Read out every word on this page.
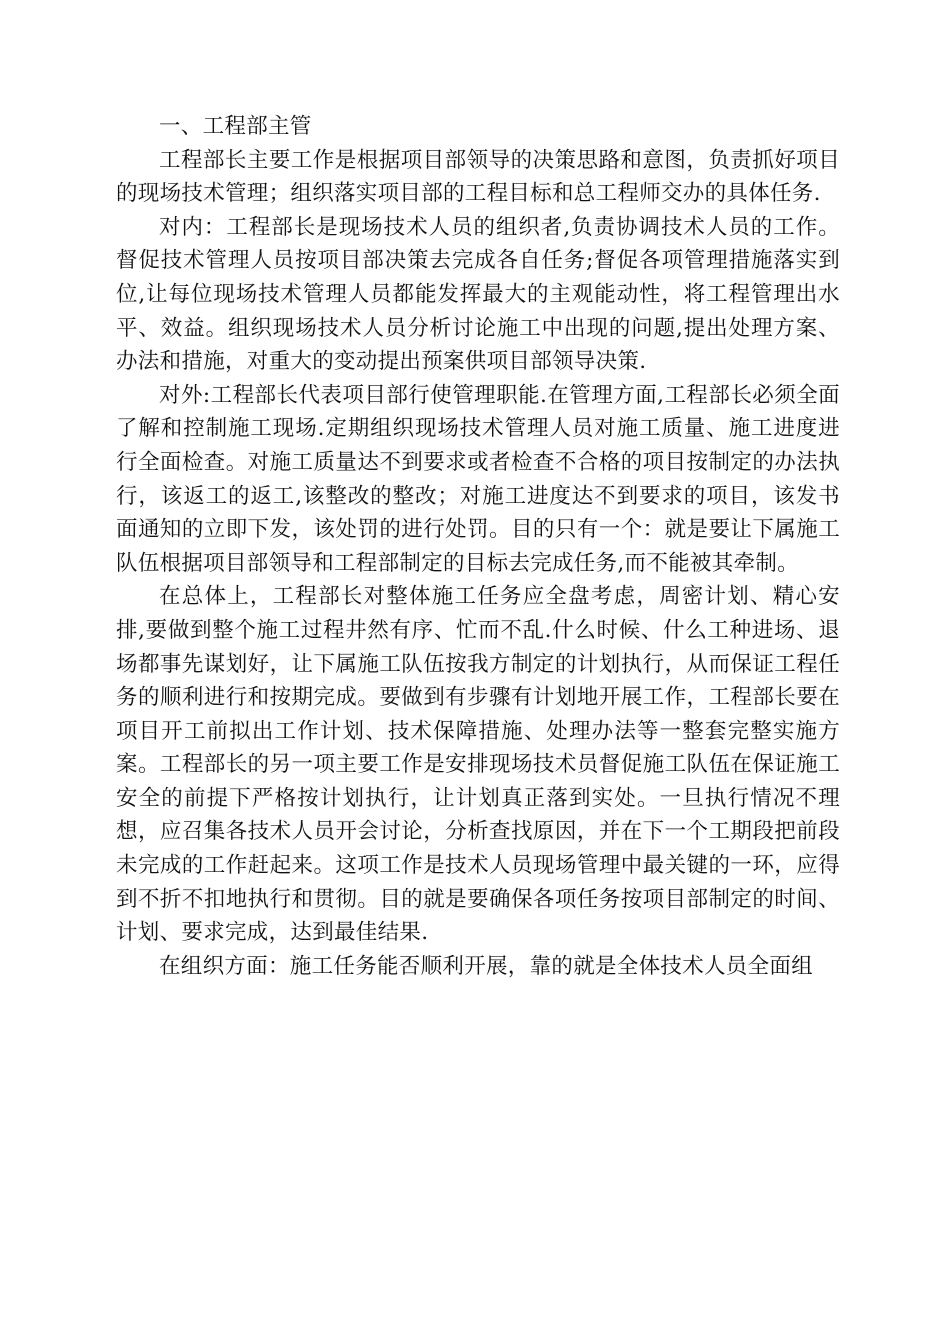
一、工程部主管

工程部长主要工作是根据项目部领导的决策思路和意图，负责抓好项目的现场技术管理；组织落实项目部的工程目标和总工程师交办的具体任务.

对内：工程部长是现场技术人员的组织者,负责协调技术人员的工作。督促技术管理人员按项目部决策去完成各自任务;督促各项管理措施落实到位,让每位现场技术管理人员都能发挥最大的主观能动性，将工程管理出水平、效益。组织现场技术人员分析讨论施工中出现的问题,提出处理方案、办法和措施，对重大的变动提出预案供项目部领导决策.

对外:工程部长代表项目部行使管理职能.在管理方面,工程部长必须全面了解和控制施工现场.定期组织现场技术管理人员对施工质量、施工进度进行全面检查。对施工质量达不到要求或者检查不合格的项目按制定的办法执行，该返工的返工,该整改的整改；对施工进度达不到要求的项目，该发书面通知的立即下发，该处罚的进行处罚。目的只有一个：就是要让下属施工队伍根据项目部领导和工程部制定的目标去完成任务,而不能被其牵制。

在总体上，工程部长对整体施工任务应全盘考虑，周密计划、精心安排,要做到整个施工过程井然有序、忙而不乱.什么时候、什么工种进场、退场都事先谋划好，让下属施工队伍按我方制定的计划执行，从而保证工程任务的顺利进行和按期完成。要做到有步骤有计划地开展工作，工程部长要在项目开工前拟出工作计划、技术保障措施、处理办法等一整套完整实施方案。工程部长的另一项主要工作是安排现场技术员督促施工队伍在保证施工安全的前提下严格按计划执行，让计划真正落到实处。一旦执行情况不理想，应召集各技术人员开会讨论，分析查找原因，并在下一个工期段把前段未完成的工作赶起来。这项工作是技术人员现场管理中最关键的一环，应得到不折不扣地执行和贯彻。目的就是要确保各项任务按项目部制定的时间、计划、要求完成，达到最佳结果.

在组织方面：施工任务能否顺利开展，靠的就是全体技术人员全面组
